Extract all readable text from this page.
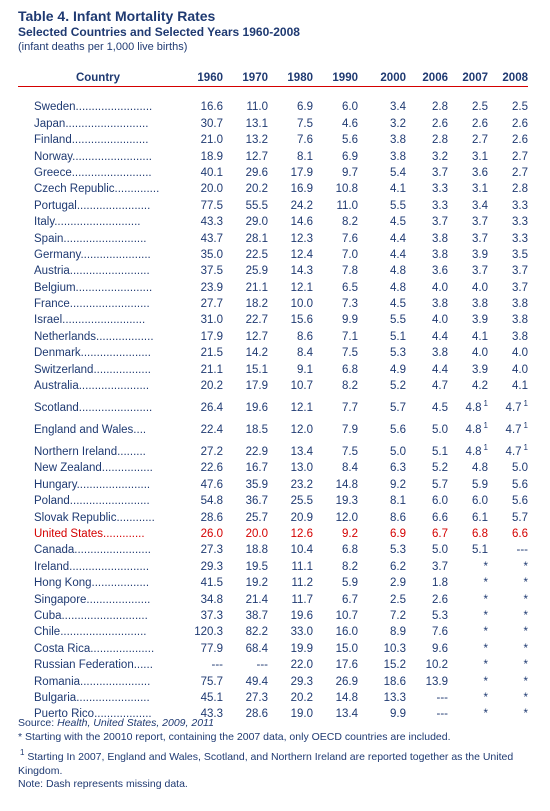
Table 4. Infant Mortality Rates

Selected Countries and Selected Years 1960-2008

(infant deaths per 1,000 live births)

Country	1960	1970	1980	1990	2000	2006	2007	2008

Sweden........................	16.6	11.0	6.9	6.0	3.4	2.8	2.5	2.5
Japan..........................	30.7	13.1	7.5	4.6	3.2	2.6	2.6	2.6
Finland........................	21.0	13.2	7.6	5.6	3.8	2.8	2.7	2.6
Norway.........................	18.9	12.7	8.1	6.9	3.8	3.2	3.1	2.7
Greece.........................	40.1	29.6	17.9	9.7	5.4	3.7	3.6	2.7
Czech Republic..............	20.0	20.2	16.9	10.8	4.1	3.3	3.1	2.8
Portugal.......................	77.5	55.5	24.2	11.0	5.5	3.3	3.4	3.3
Italy...........................	43.3	29.0	14.6	8.2	4.5	3.7	3.7	3.3
Spain..........................	43.7	28.1	12.3	7.6	4.4	3.8	3.7	3.3
Germany......................	35.0	22.5	12.4	7.0	4.4	3.8	3.9	3.5
Austria.........................	37.5	25.9	14.3	7.8	4.8	3.6	3.7	3.7
Belgium........................	23.9	21.1	12.1	6.5	4.8	4.0	4.0	3.7
France.........................	27.7	18.2	10.0	7.3	4.5	3.8	3.8	3.8
Israel..........................	31.0	22.7	15.6	9.9	5.5	4.0	3.9	3.8
Netherlands..................	17.9	12.7	8.6	7.1	5.1	4.4	4.1	3.8
Denmark......................	21.5	14.2	8.4	7.5	5.3	3.8	4.0	4.0
Switzerland..................	21.1	15.1	9.1	6.8	4.9	4.4	3.9	4.0
Australia......................	20.2	17.9	10.7	8.2	5.2	4.7	4.2	4.1
Scotland.......................	26.4	19.6	12.1	7.7	5.7	4.5	4.8 $^1$	4.7 $^1$
England and Wales....	22.4	18.5	12.0	7.9	5.6	5.0	4.8 $^1$	4.7 $^1$
Northern Ireland.........	27.2	22.9	13.4	7.5	5.0	5.1	4.8 $^1$	4.7 $^1$
New Zealand................	22.6	16.7	13.0	8.4	6.3	5.2	4.8	5.0
Hungary.......................	47.6	35.9	23.2	14.8	9.2	5.7	5.9	5.6
Poland.........................	54.8	36.7	25.5	19.3	8.1	6.0	6.0	5.6
Slovak Republic............	28.6	25.7	20.9	12.0	8.6	6.6	6.1	5.7
United States.............	26.0	20.0	12.6	9.2	6.9	6.7	6.8	6.6
Canada........................	27.3	18.8	10.4	6.8	5.3	5.0	5.1	---
Ireland.........................	29.3	19.5	11.1	8.2	6.2	3.7	*	*
Hong Kong..................	41.5	19.2	11.2	5.9	2.9	1.8	*	*
Singapore....................	34.8	21.4	11.7	6.7	2.5	2.6	*	*
Cuba...........................	37.3	38.7	19.6	10.7	7.2	5.3	*	*
Chile...........................	120.3	82.2	33.0	16.0	8.9	7.6	*	*
Costa Rica....................	77.9	68.4	19.9	15.0	10.3	9.6	*	*
Russian Federation......	---	---	22.0	17.6	15.2	10.2	*	*
Romania......................	75.7	49.4	29.3	26.9	18.6	13.9	*	*
Bulgaria.......................	45.1	27.3	20.2	14.8	13.3	---	*	*
Puerto Rico..................	43.3	28.6	19.0	13.4	9.9	---	*	*

Source: Health, United States, 2009, 2011

* Starting with the 20010 report, containing the 2007 data, only OECD countries are included.

$^1$ Starting In 2007, England and Wales, Scotland, and Northern Ireland are reported together as the United Kingdom.

Note: Dash represents missing data.
